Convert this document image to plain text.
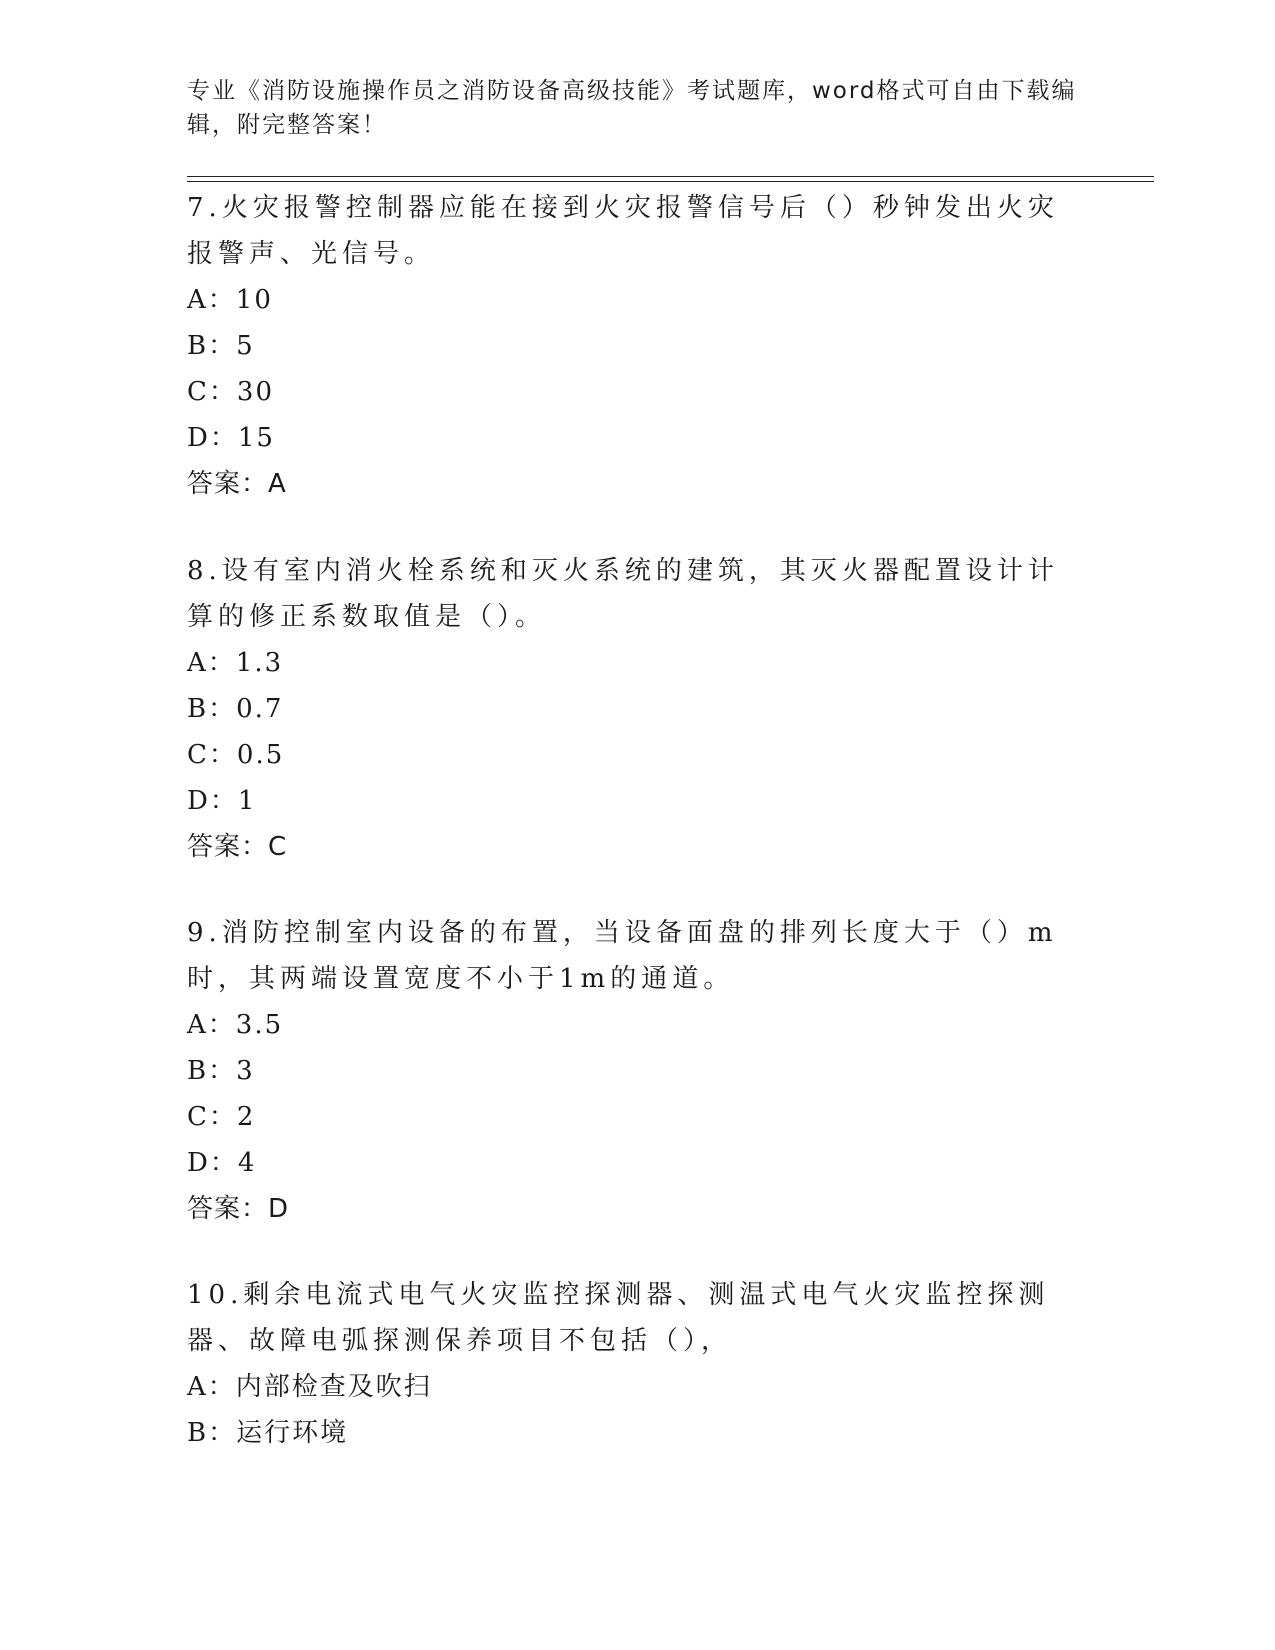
专业《消防设施操作员之消防设备高级技能》考试题库，word格式可自由下载编辑，附完整答案！

7.火灾报警控制器应能在接到火灾报警信号后（）秒钟发出火灾报警声、光信号。

A：10

B：5

C：30

D：15

答案：A

8.设有室内消火栓系统和灭火系统的建筑，其灭火器配置设计计算的修正系数取值是（）。

A：1.3

B：0.7

C：0.5

D：1

答案：C

9.消防控制室内设备的布置，当设备面盘的排列长度大于（）m时，其两端设置宽度不小于1m的通道。

A：3.5

B：3

C：2

D：4

答案：D

10.剩余电流式电气火灾监控探测器、测温式电气火灾监控探测器、故障电弧探测保养项目不包括（），

A：内部检查及吹扫

B：运行环境
